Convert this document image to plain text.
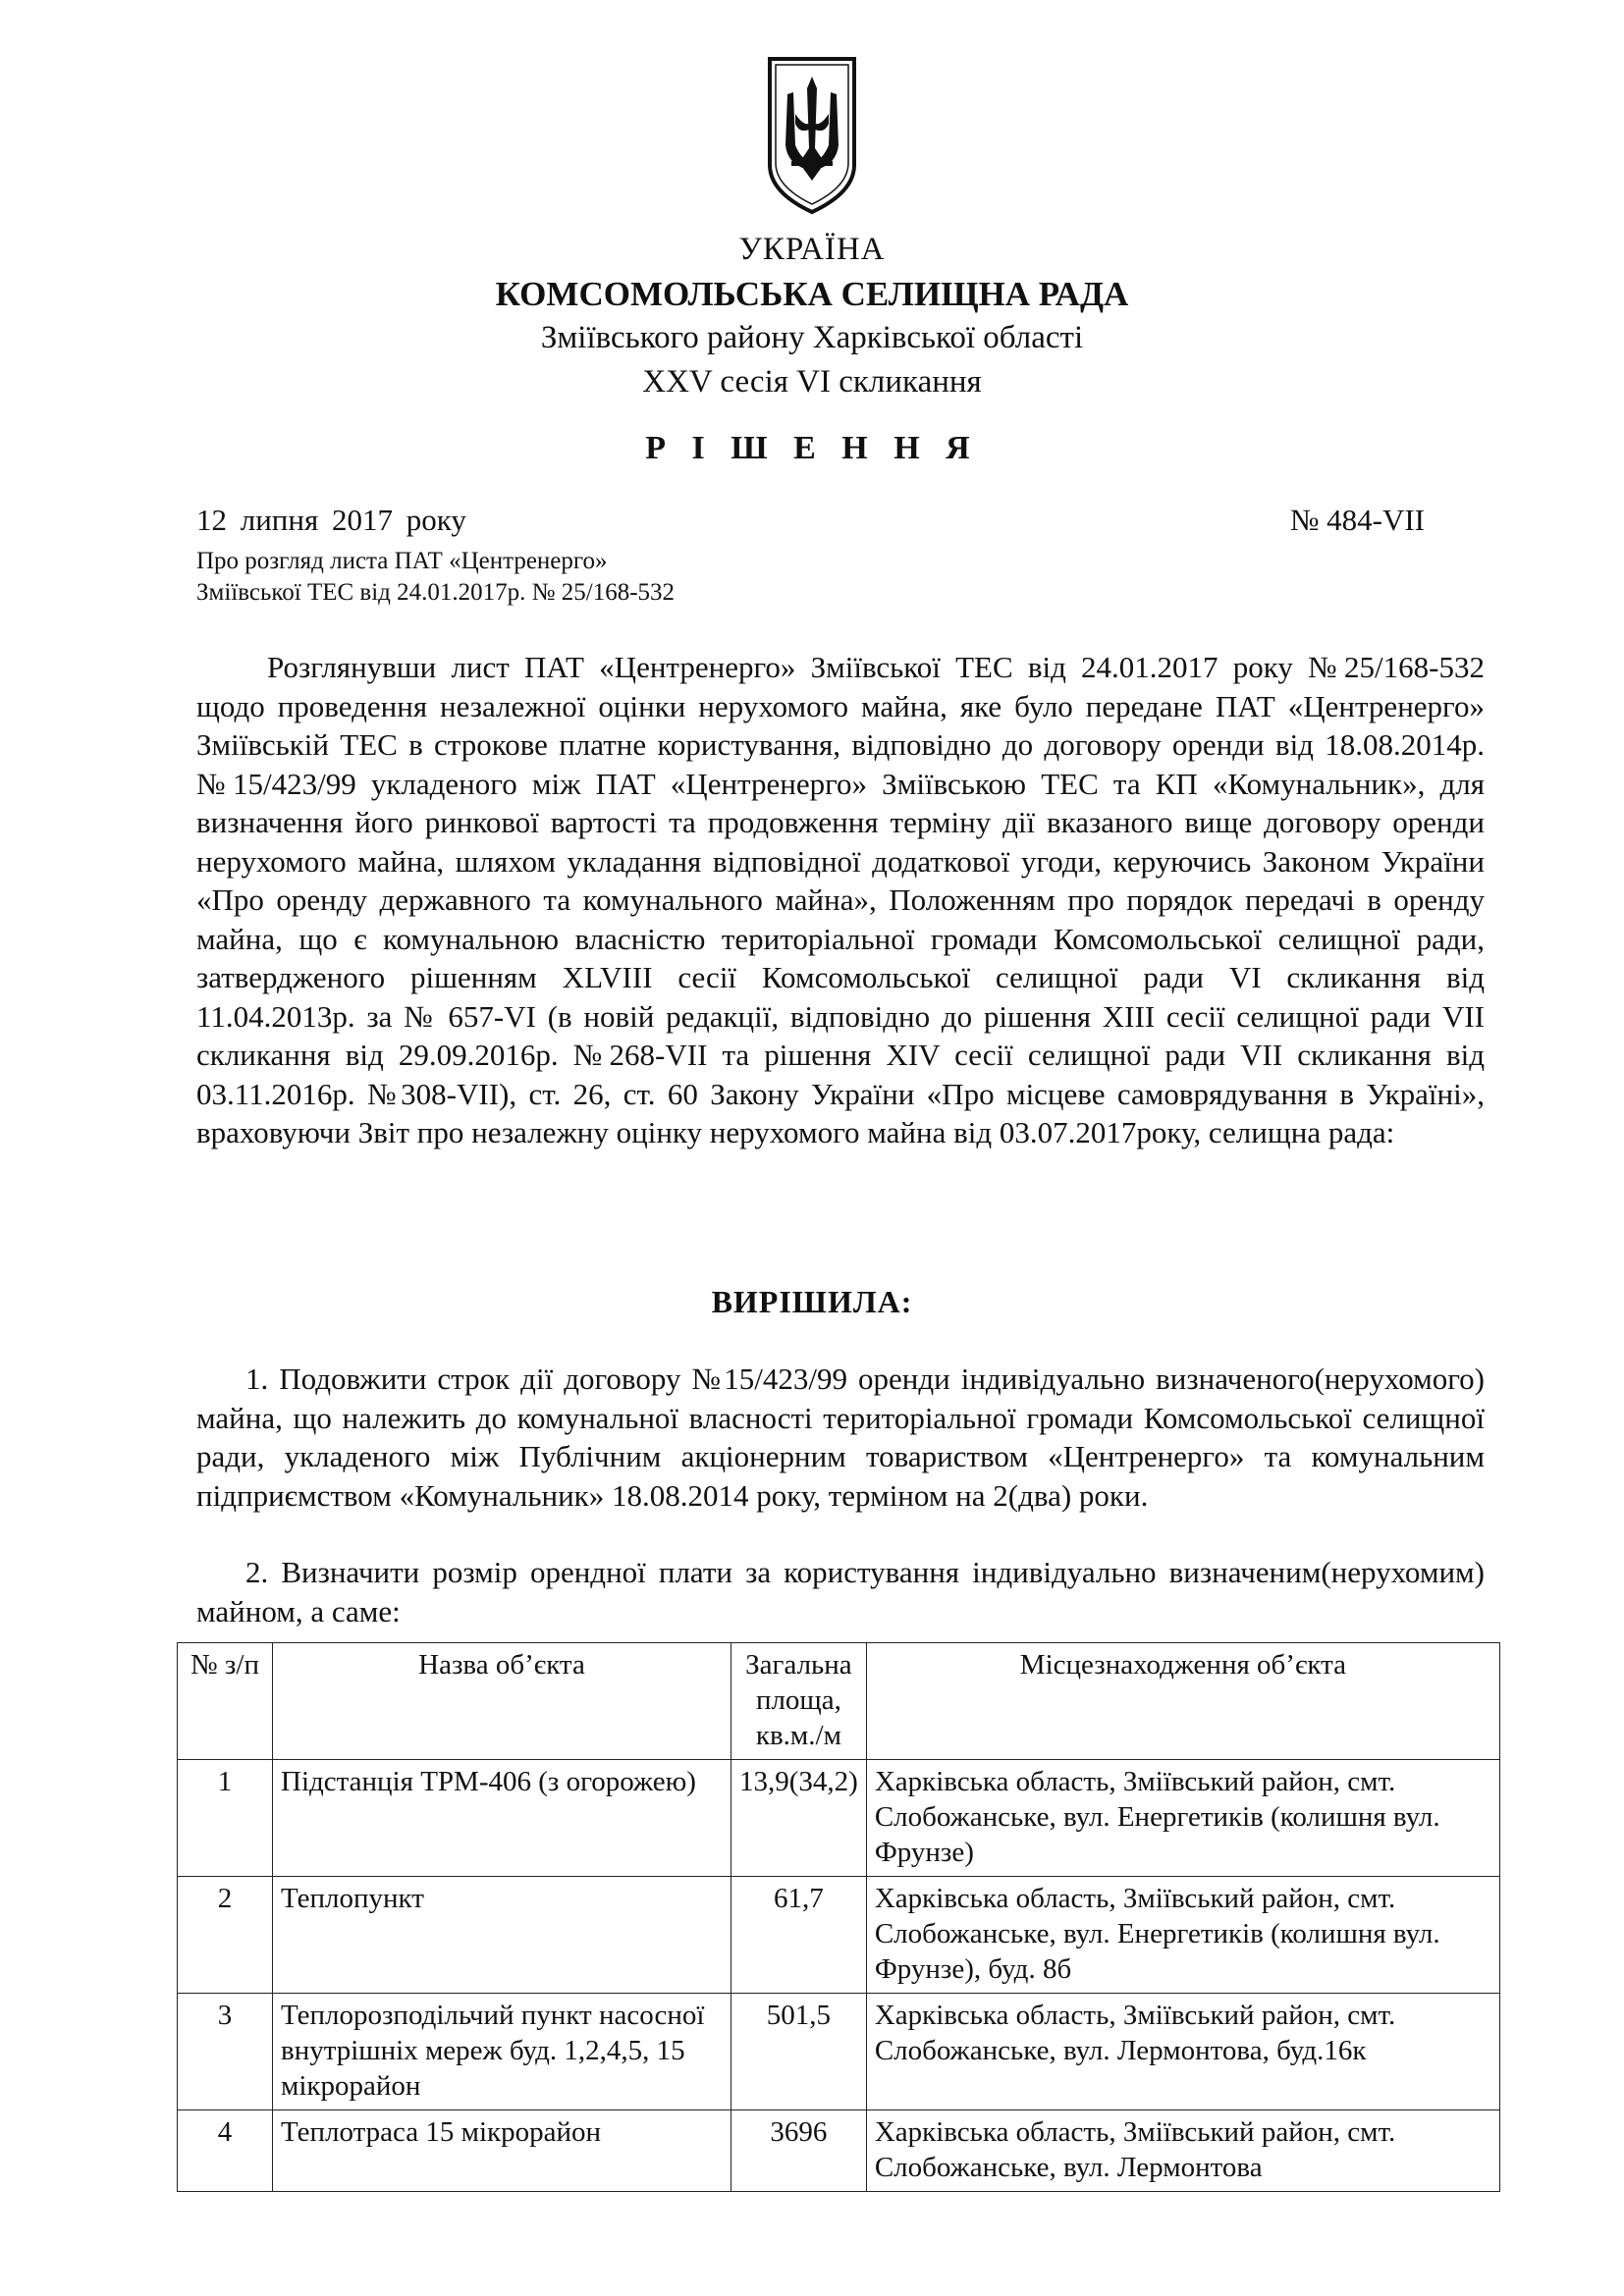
УКРАЇНА
КОМСОМОЛЬСЬКА СЕЛИЩНА РАДА
Зміївського району Харківської області
XXV сесія VI скликання
Р І Ш Е Н Н Я
12 липня 2017 року	№ 484-VII
Про розгляд листа ПАТ «Центренерго»
Зміївської ТЕС від 24.01.2017р. № 25/168-532
Розглянувши лист ПАТ «Центренерго» Зміївської ТЕС від 24.01.2017 року №25/168-532 щодо проведення незалежної оцінки нерухомого майна, яке було передане ПАТ «Центренерго» Зміївській ТЕС в строкове платне користування, відповідно до договору оренди від 18.08.2014р. №15/423/99 укладеного між ПАТ «Центренерго» Зміївською ТЕС та КП «Комунальник», для визначення його ринкової вартості та продовження терміну дії вказаного вище договору оренди нерухомого майна, шляхом укладання відповідної додаткової угоди, керуючись Законом України «Про оренду державного та комунального майна», Положенням про порядок передачі в оренду майна, що є комунальною власністю територіальної громади Комсомольської селищної ради, затвердженого рішенням XLVIII сесії Комсомольської селищної ради VI скликання від 11.04.2013р. за № 657-VI (в новій редакції, відповідно до рішення XIII сесії селищної ради VII скликання від 29.09.2016р. №268-VII та рішення XIV сесії селищної ради VII скликання від 03.11.2016р. №308-VII), ст. 26, ст. 60 Закону України «Про місцеве самоврядування в Україні», враховуючи Звіт про незалежну оцінку нерухомого майна від 03.07.2017року, селищна рада:
ВИРІШИЛА:
1. Подовжити строк дії договору №15/423/99 оренди індивідуально визначеного(нерухомого) майна, що належить до комунальної власності територіальної громади Комсомольської селищної ради, укладеного між Публічним акціонерним товариством «Центренерго» та комунальним підприємством «Комунальник» 18.08.2014 року, терміном на 2(два) роки.
2. Визначити розмір орендної плати за користування індивідуально визначеним(нерухомим) майном, а саме:
№ з/п	Назва об’єкта	Загальна площа, кв.м./м	Місцезнаходження об’єкта
1	Підстанція ТРМ-406 (з огорожею)	13,9(34,2)	Харківська область, Зміївський район, смт. Слобожанське, вул. Енергетиків (колишня вул. Фрунзе)
2	Теплопункт	61,7	Харківська область, Зміївський район, смт. Слобожанське, вул. Енергетиків (колишня вул. Фрунзе), буд. 8б
3	Теплорозподільчий пункт насосної внутрішніх мереж буд. 1,2,4,5, 15 мікрорайон	501,5	Харківська область, Зміївський район, смт. Слобожанське, вул. Лермонтова, буд.16к
4	Теплотраса 15 мікрорайон	3696	Харківська область, Зміївський район, смт. Слобожанське, вул. Лермонтова
